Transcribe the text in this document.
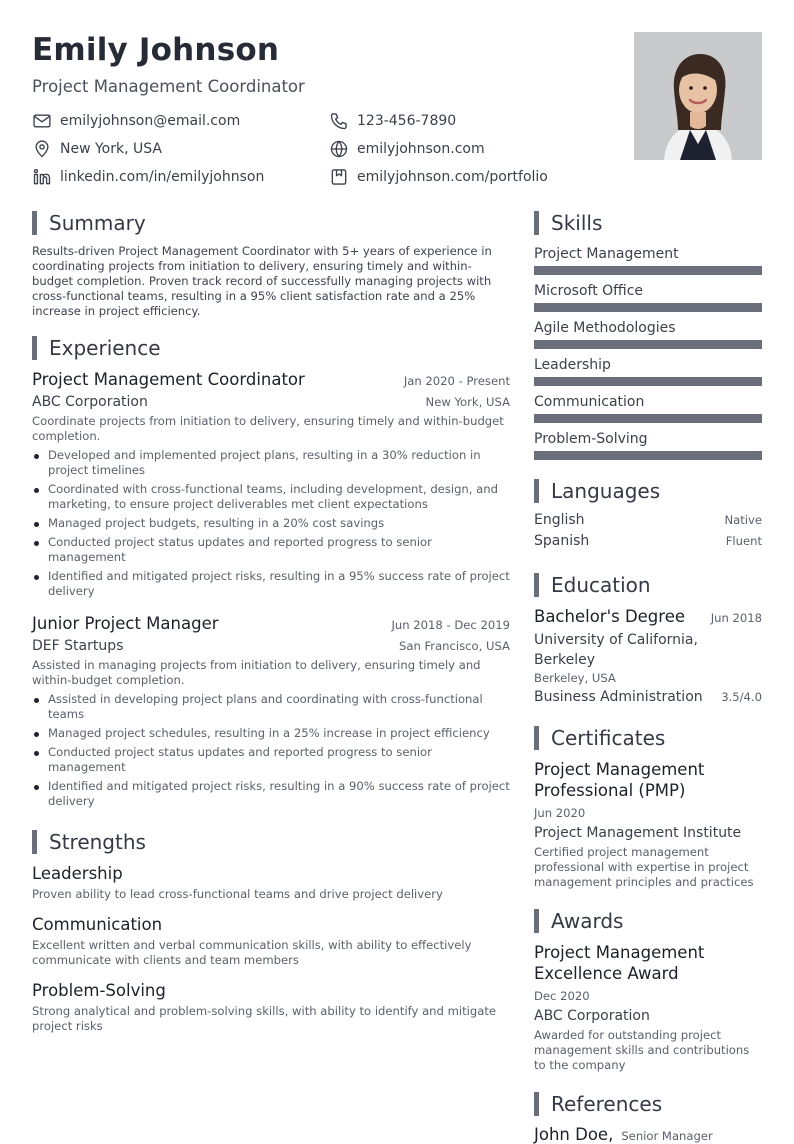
Emily Johnson
Project Management Coordinator
emilyjohnson@email.com	123-456-7890
New York, USA	emilyjohnson.com
linkedin.com/in/emilyjohnson	emilyjohnson.com/portfolio
Summary

Results-driven Project Management Coordinator with 5+ years of experience in coordinating projects from initiation to delivery, ensuring timely and within-budget completion. Proven track record of successfully managing projects with cross-functional teams, resulting in a 95% client satisfaction rate and a 25% increase in project efficiency.

Experience
Project Management Coordinator	Jan 2020 - Present
ABC Corporation	New York, USA

Coordinate projects from initiation to delivery, ensuring timely and within-budget completion.

Developed and implemented project plans, resulting in a 30% reduction in project timelines
Coordinated with cross-functional teams, including development, design, and marketing, to ensure project deliverables met client expectations
Managed project budgets, resulting in a 20% cost savings
Conducted project status updates and reported progress to senior management
Identified and mitigated project risks, resulting in a 95% success rate of project delivery
Junior Project Manager	Jun 2018 - Dec 2019
DEF Startups	San Francisco, USA

Assisted in managing projects from initiation to delivery, ensuring timely and within-budget completion.

Assisted in developing project plans and coordinating with cross-functional teams
Managed project schedules, resulting in a 25% increase in project efficiency
Conducted project status updates and reported progress to senior management
Identified and mitigated project risks, resulting in a 90% success rate of project delivery
Strengths
Leadership

Proven ability to lead cross-functional teams and drive project delivery

Communication

Excellent written and verbal communication skills, with ability to effectively communicate with clients and team members

Problem-Solving

Strong analytical and problem-solving skills, with ability to identify and mitigate project risks

Skills
Project Management
Microsoft Office
Agile Methodologies
Leadership
Communication
Problem-Solving
Languages
English	Native
Spanish	Fluent
Education
Bachelor's Degree Jun 2018
University of California, Berkeley
Berkeley, USA
Business Administration 3.5/4.0
Certificates
Project Management Professional (PMP)
Jun 2020
Project Management Institute

Certified project management professional with expertise in project management principles and practices

Awards
Project Management Excellence Award
Dec 2020
ABC Corporation

Awarded for outstanding project management skills and contributions to the company

References
John Doe, Senior Manager
